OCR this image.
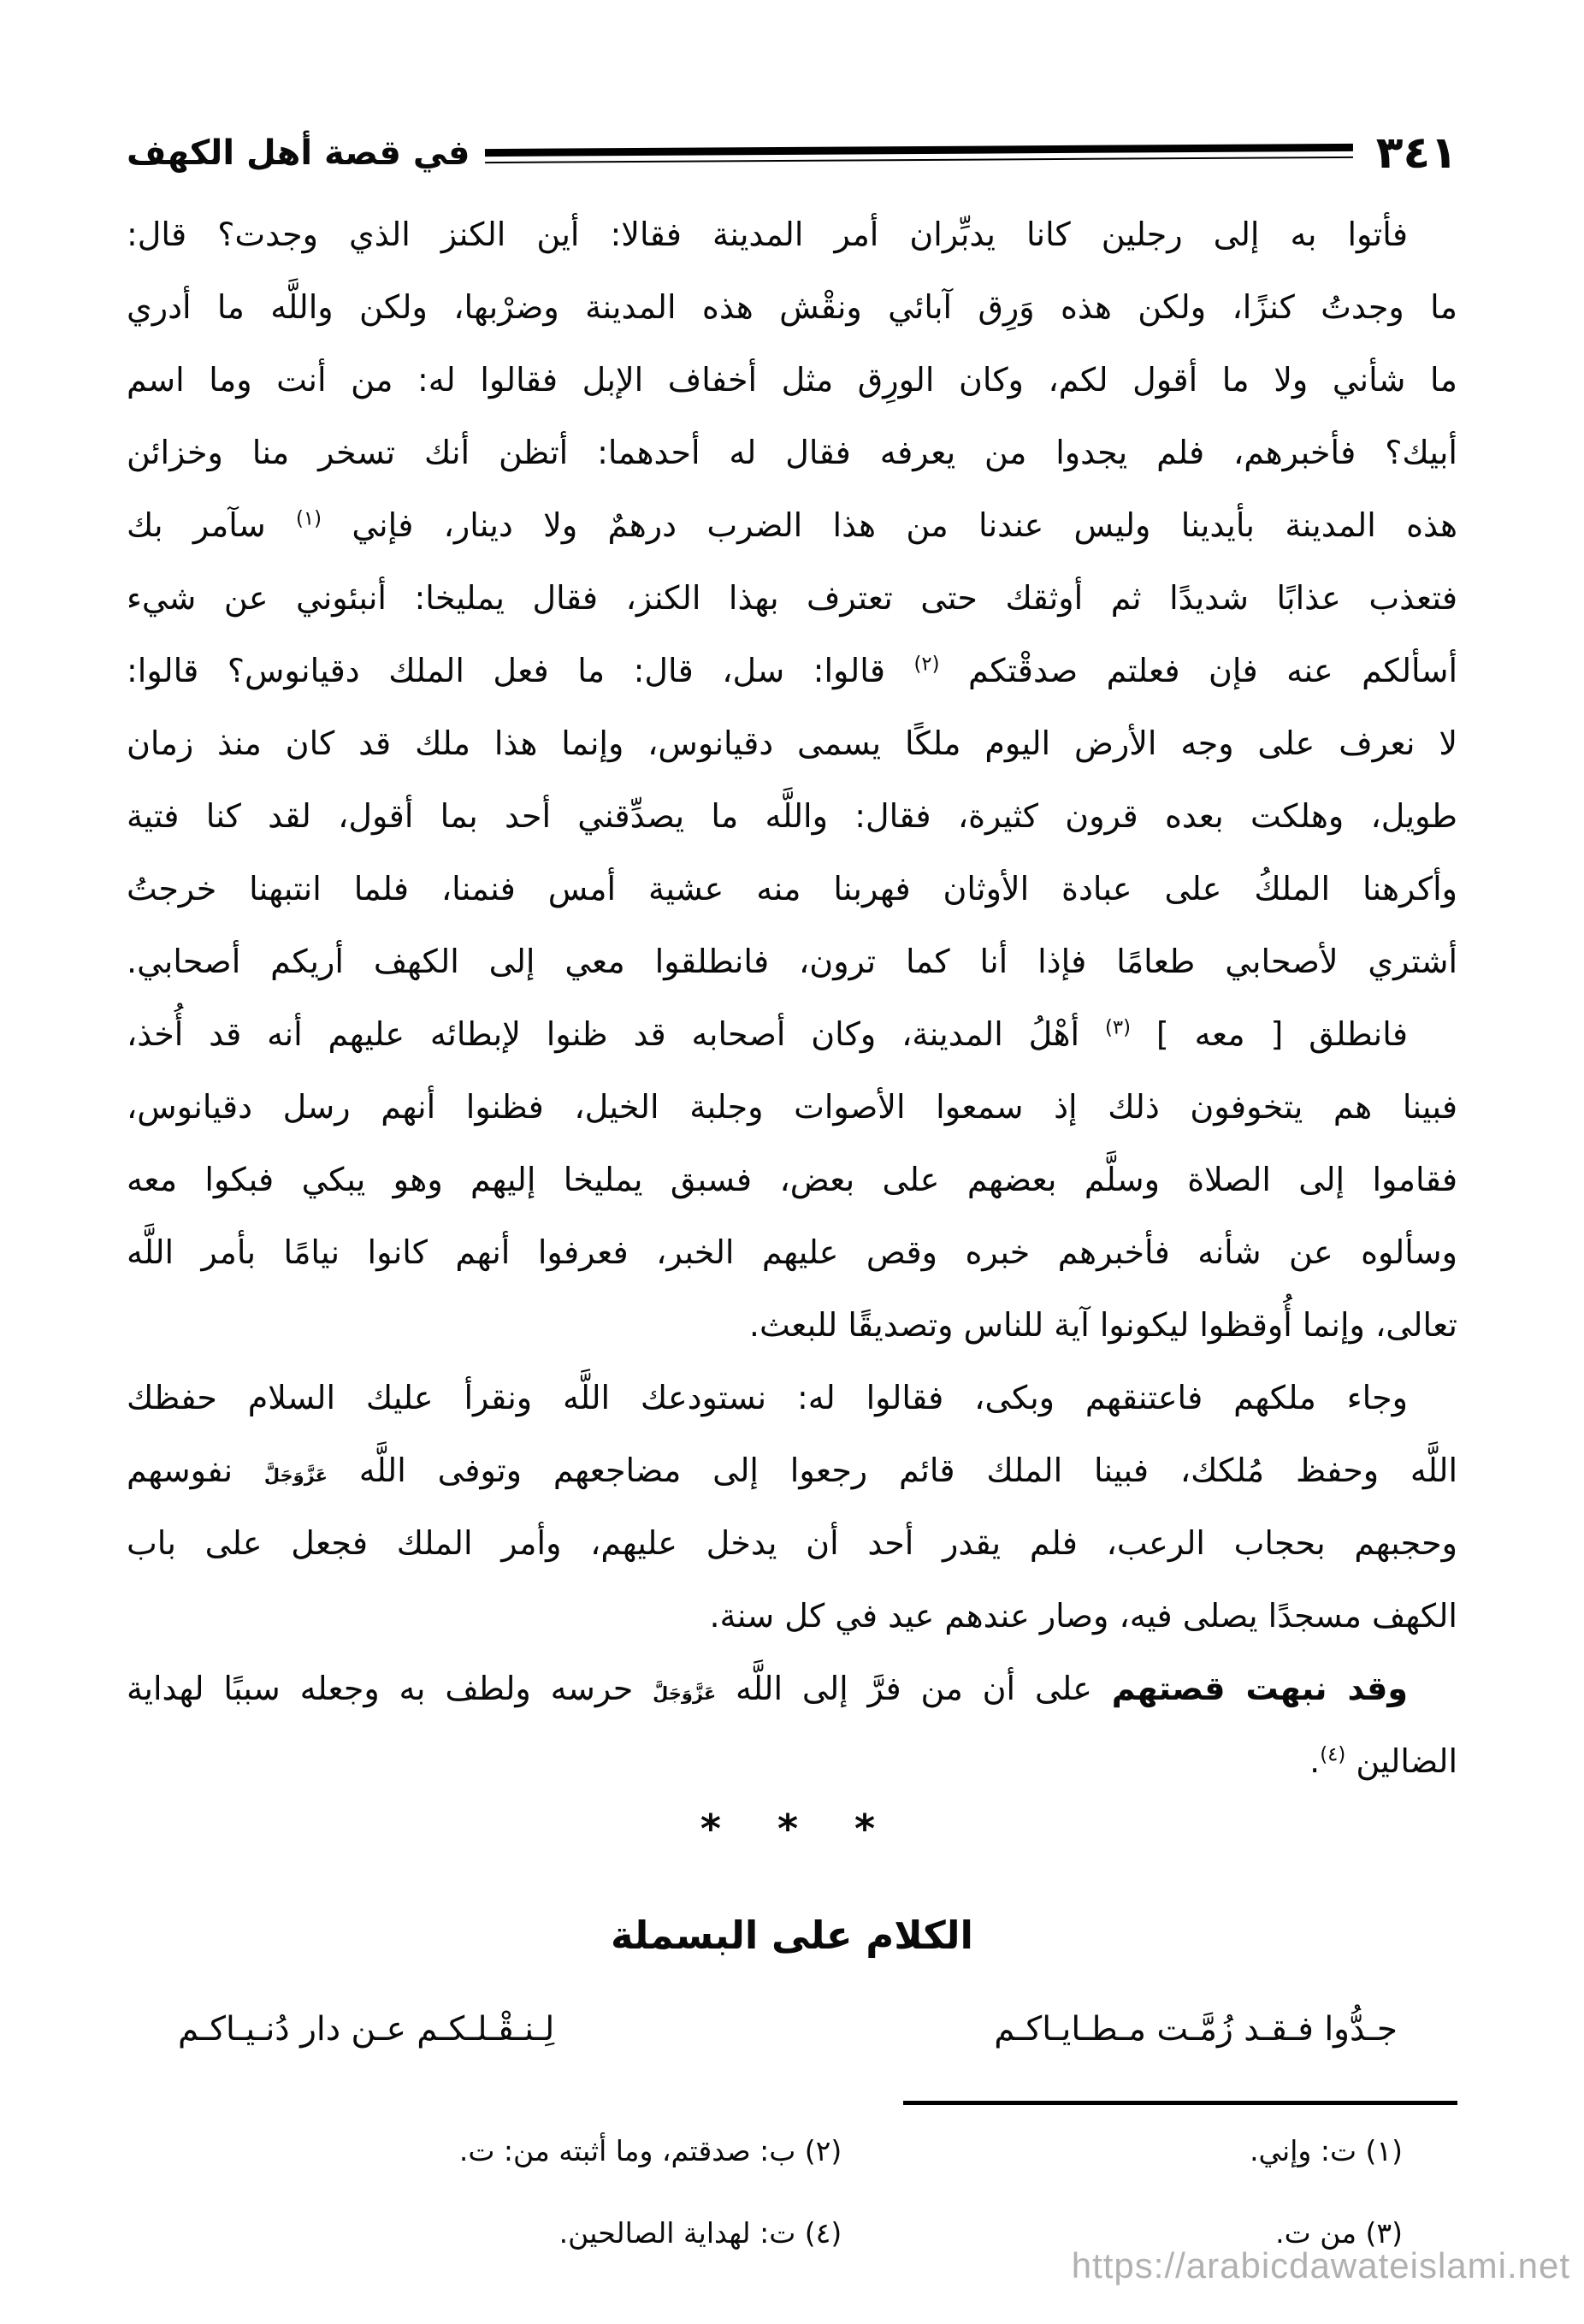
٣٤١
في قصة أهل الكهف
فأتوا به إلى رجلين كانا يدبِّران أمر المدينة فقالا: أين الكنز الذي وجدت؟ قال:
ما وجدتُ كنزًا، ولكن هذه وَرِق آبائي ونقْش هذه المدينة وضرْبها، ولكن واللَّه ما أدري
ما شأني ولا ما أقول لكم، وكان الورِق مثل أخفاف الإبل فقالوا له: من أنت وما اسم
أبيك؟ فأخبرهم، فلم يجدوا من يعرفه فقال له أحدهما: أتظن أنك تسخر منا وخزائن
هذه المدينة بأيدينا وليس عندنا من هذا الضرب درهمٌ ولا دينار، فإني $^{(١)}$ سآمر بك
فتعذب عذابًا شديدًا ثم أوثقك حتى تعترف بهذا الكنز، فقال يمليخا: أنبئوني عن شيء
أسألكم عنه فإن فعلتم صدقْتكم $^{(٢)}$ قالوا: سل، قال: ما فعل الملك دقيانوس؟ قالوا:
لا نعرف على وجه الأرض اليوم ملكًا يسمى دقيانوس، وإنما هذا ملك قد كان منذ زمان
طويل، وهلكت بعده قرون كثيرة، فقال: واللَّه ما يصدِّقني أحد بما أقول، لقد كنا فتية
وأكرهنا الملكُ على عبادة الأوثان فهربنا منه عشية أمس فنمنا، فلما انتبهنا خرجتُ
أشتري لأصحابي طعامًا فإذا أنا كما ترون، فانطلقوا معي إلى الكهف أريكم أصحابي.
فانطلق [ معه ] $^{(٣)}$ أهْلُ المدينة، وكان أصحابه قد ظنوا لإبطائه عليهم أنه قد أُخذ،
فبينا هم يتخوفون ذلك إذ سمعوا الأصوات وجلبة الخيل، فظنوا أنهم رسل دقيانوس،
فقاموا إلى الصلاة وسلَّم بعضهم على بعض، فسبق يمليخا إليهم وهو يبكي فبكوا معه
وسألوه عن شأنه فأخبرهم خبره وقص عليهم الخبر، فعرفوا أنهم كانوا نيامًا بأمر اللَّه
تعالى، وإنما أُوقظوا ليكونوا آية للناس وتصديقًا للبعث.
وجاء ملكهم فاعتنقهم وبكى، فقالوا له: نستودعك اللَّه ونقرأ عليك السلام حفظك
اللَّه وحفظ مُلكك، فبينا الملك قائم رجعوا إلى مضاجعهم وتوفى اللَّه عَزَّوَجَلَّ نفوسهم
وحجبهم بحجاب الرعب، فلم يقدر أحد أن يدخل عليهم، وأمر الملك فجعل على باب
الكهف مسجدًا يصلى فيه، وصار عندهم عيد في كل سنة.
وقد نبهت قصتهم على أن من فرَّ إلى اللَّه عَزَّوَجَلَّ حرسه ولطف به وجعله سببًا لهداية
الضالين $^{(٤)}$.
* * *
الكلام على البسملة
جـدُّوا فـقـد زُمَّـت مـطـايـاكـم
لِـنـقْـلـكـم عـن دار دُنـيـاكـم
(١) ت: وإني.
(٢) ب: صدقتم، وما أثبته من: ت.
(٣) من ت.
(٤) ت: لهداية الصالحين.
https://arabicdawateislami.net
